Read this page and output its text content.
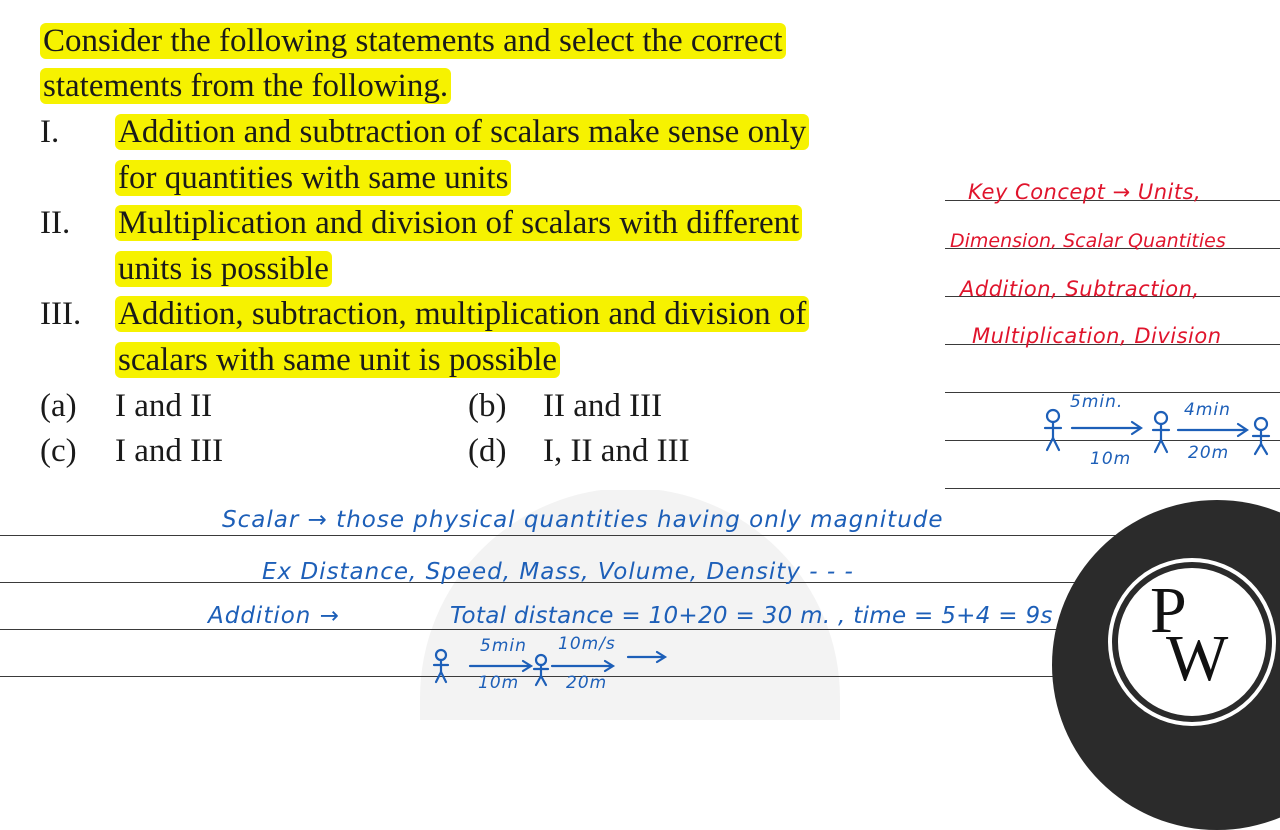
Consider the following statements and select the correct
statements from the following.
I. Addition and subtraction of scalars make sense only
for quantities with same units
II. Multiplication and division of scalars with different
units is possible
III. Addition, subtraction, multiplication and division of
scalars with same unit is possible
(a) I and II	(b) II and III
(c) I and III	(d) I, II and III
Key Concept → Units,
Dimension, Scalar Quantities
Addition, Subtraction,
Multiplication, Division
5min.	4min
10m	20m
Scalar → those physical quantities having only magnitude
Ex Distance, Speed, Mass, Volume, Density - - -
Addition →	Total distance = 10+20 = 30 m. , time = 5+4 = 9s
5min 10m/s
10m	20m
P
W
